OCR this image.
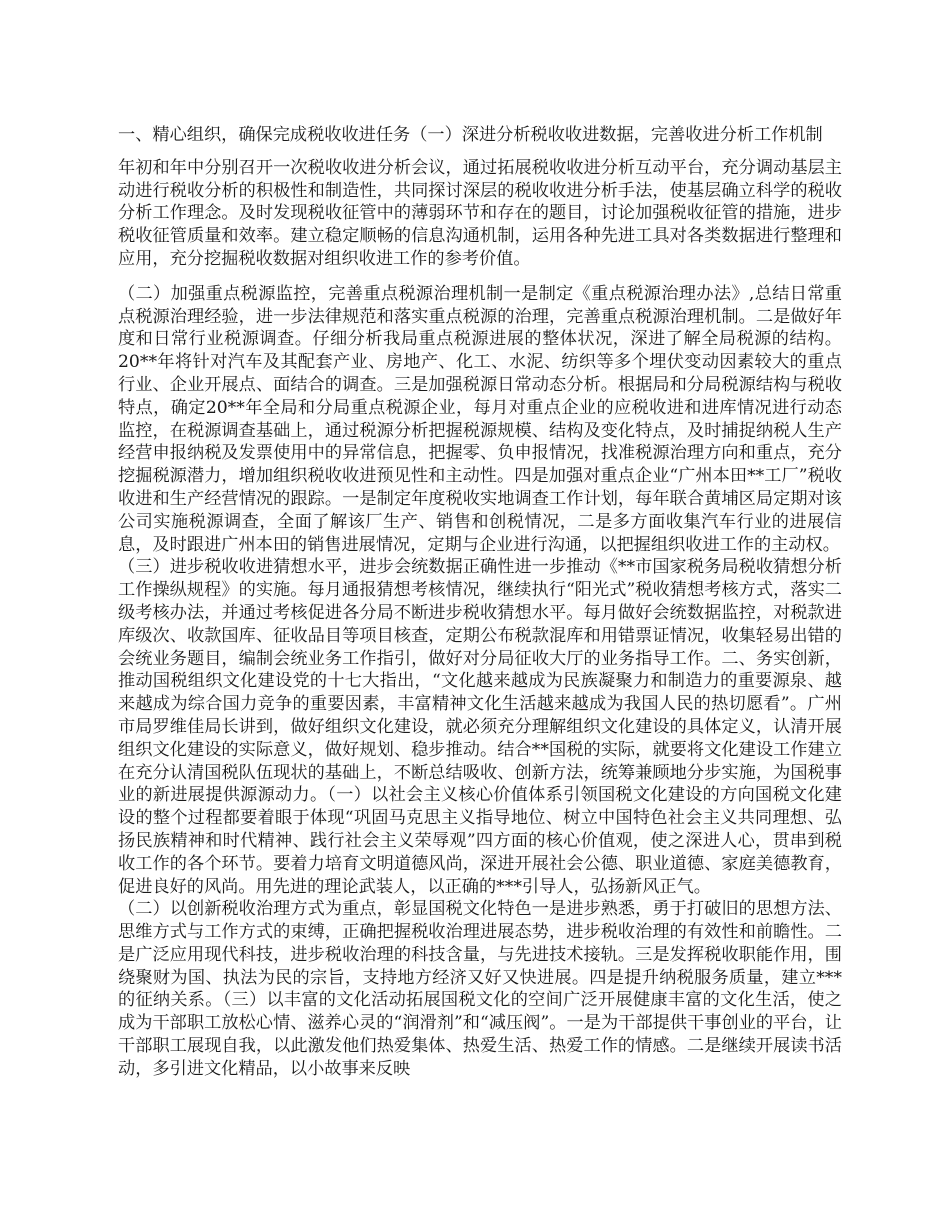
一、精心组织，确保完成税收收进任务（一）深进分析税收收进数据，完善收进分析工作机制

年初和年中分别召开一次税收收进分析会议，通过拓展税收收进分析互动平台，充分调动基层主动进行税收分析的积极性和制造性，共同探讨深层的税收收进分析手法，使基层确立科学的税收分析工作理念。及时发现税收征管中的薄弱环节和存在的题目，讨论加强税收征管的措施，进步税收征管质量和效率。建立稳定顺畅的信息沟通机制，运用各种先进工具对各类数据进行整理和应用，充分挖掘税收数据对组织收进工作的参考价值。

（二）加强重点税源监控，完善重点税源治理机制一是制定《重点税源治理办法》,总结日常重点税源治理经验，进一步法律规范和落实重点税源的治理，完善重点税源治理机制。二是做好年度和日常行业税源调查。仔细分析我局重点税源进展的整体状况，深进了解全局税源的结构。20**年将针对汽车及其配套产业、房地产、化工、水泥、纺织等多个埋伏变动因素较大的重点行业、企业开展点、面结合的调查。三是加强税源日常动态分析。根据局和分局税源结构与税收特点，确定20**年全局和分局重点税源企业，每月对重点企业的应税收进和进库情况进行动态监控，在税源调查基础上，通过税源分析把握税源规模、结构及变化特点，及时捕捉纳税人生产经营申报纳税及发票使用中的异常信息，把握零、负申报情况，找准税源治理方向和重点，充分挖掘税源潜力，增加组织税收收进预见性和主动性。四是加强对重点企业“广州本田**工厂”税收收进和生产经营情况的跟踪。一是制定年度税收实地调查工作计划，每年联合黄埔区局定期对该公司实施税源调查，全面了解该厂生产、销售和创税情况，二是多方面收集汽车行业的进展信息，及时跟进广州本田的销售进展情况，定期与企业进行沟通，以把握组织收进工作的主动权。

（三）进步税收收进猜想水平，进步会统数据正确性进一步推动《**市国家税务局税收猜想分析工作操纵规程》的实施。每月通报猜想考核情况，继续执行“阳光式”税收猜想考核方式，落实二级考核办法，并通过考核促进各分局不断进步税收猜想水平。每月做好会统数据监控，对税款进库级次、收款国库、征收品目等项目核查，定期公布税款混库和用错票证情况，收集轻易出错的会统业务题目，编制会统业务工作指引，做好对分局征收大厅的业务指导工作。二、务实创新，推动国税组织文化建设党的十七大指出，“文化越来越成为民族凝聚力和制造力的重要源泉、越来越成为综合国力竞争的重要因素，丰富精神文化生活越来越成为我国人民的热切愿看”。广州市局罗维佳局长讲到，做好组织文化建设，就必须充分理解组织文化建设的具体定义，认清开展组织文化建设的实际意义，做好规划、稳步推动。结合**国税的实际，就要将文化建设工作建立在充分认清国税队伍现状的基础上，不断总结吸收、创新方法，统筹兼顾地分步实施，为国税事业的新进展提供源源动力。（一）以社会主义核心价值体系引领国税文化建设的方向国税文化建设的整个过程都要着眼于体现“巩固马克思主义指导地位、树立中国特色社会主义共同理想、弘扬民族精神和时代精神、践行社会主义荣辱观”四方面的核心价值观，使之深进人心，贯串到税收工作的各个环节。要着力培育文明道德风尚，深进开展社会公德、职业道德、家庭美德教育，促进良好的风尚。用先进的理论武装人，以正确的***引导人，弘扬新风正气。

（二）以创新税收治理方式为重点，彰显国税文化特色一是进步熟悉，勇于打破旧的思想方法、思维方式与工作方式的束缚，正确把握税收治理进展态势，进步税收治理的有效性和前瞻性。二是广泛应用现代科技，进步税收治理的科技含量，与先进技术接轨。三是发挥税收职能作用，围绕聚财为国、执法为民的宗旨，支持地方经济又好又快进展。四是提升纳税服务质量，建立***的征纳关系。（三）以丰富的文化活动拓展国税文化的空间广泛开展健康丰富的文化生活，使之成为干部职工放松心情、滋养心灵的“润滑剂”和“减压阀”。一是为干部提供干事创业的平台，让干部职工展现自我，以此激发他们热爱集体、热爱生活、热爱工作的情感。二是继续开展读书活动，多引进文化精品，以小故事来反映
